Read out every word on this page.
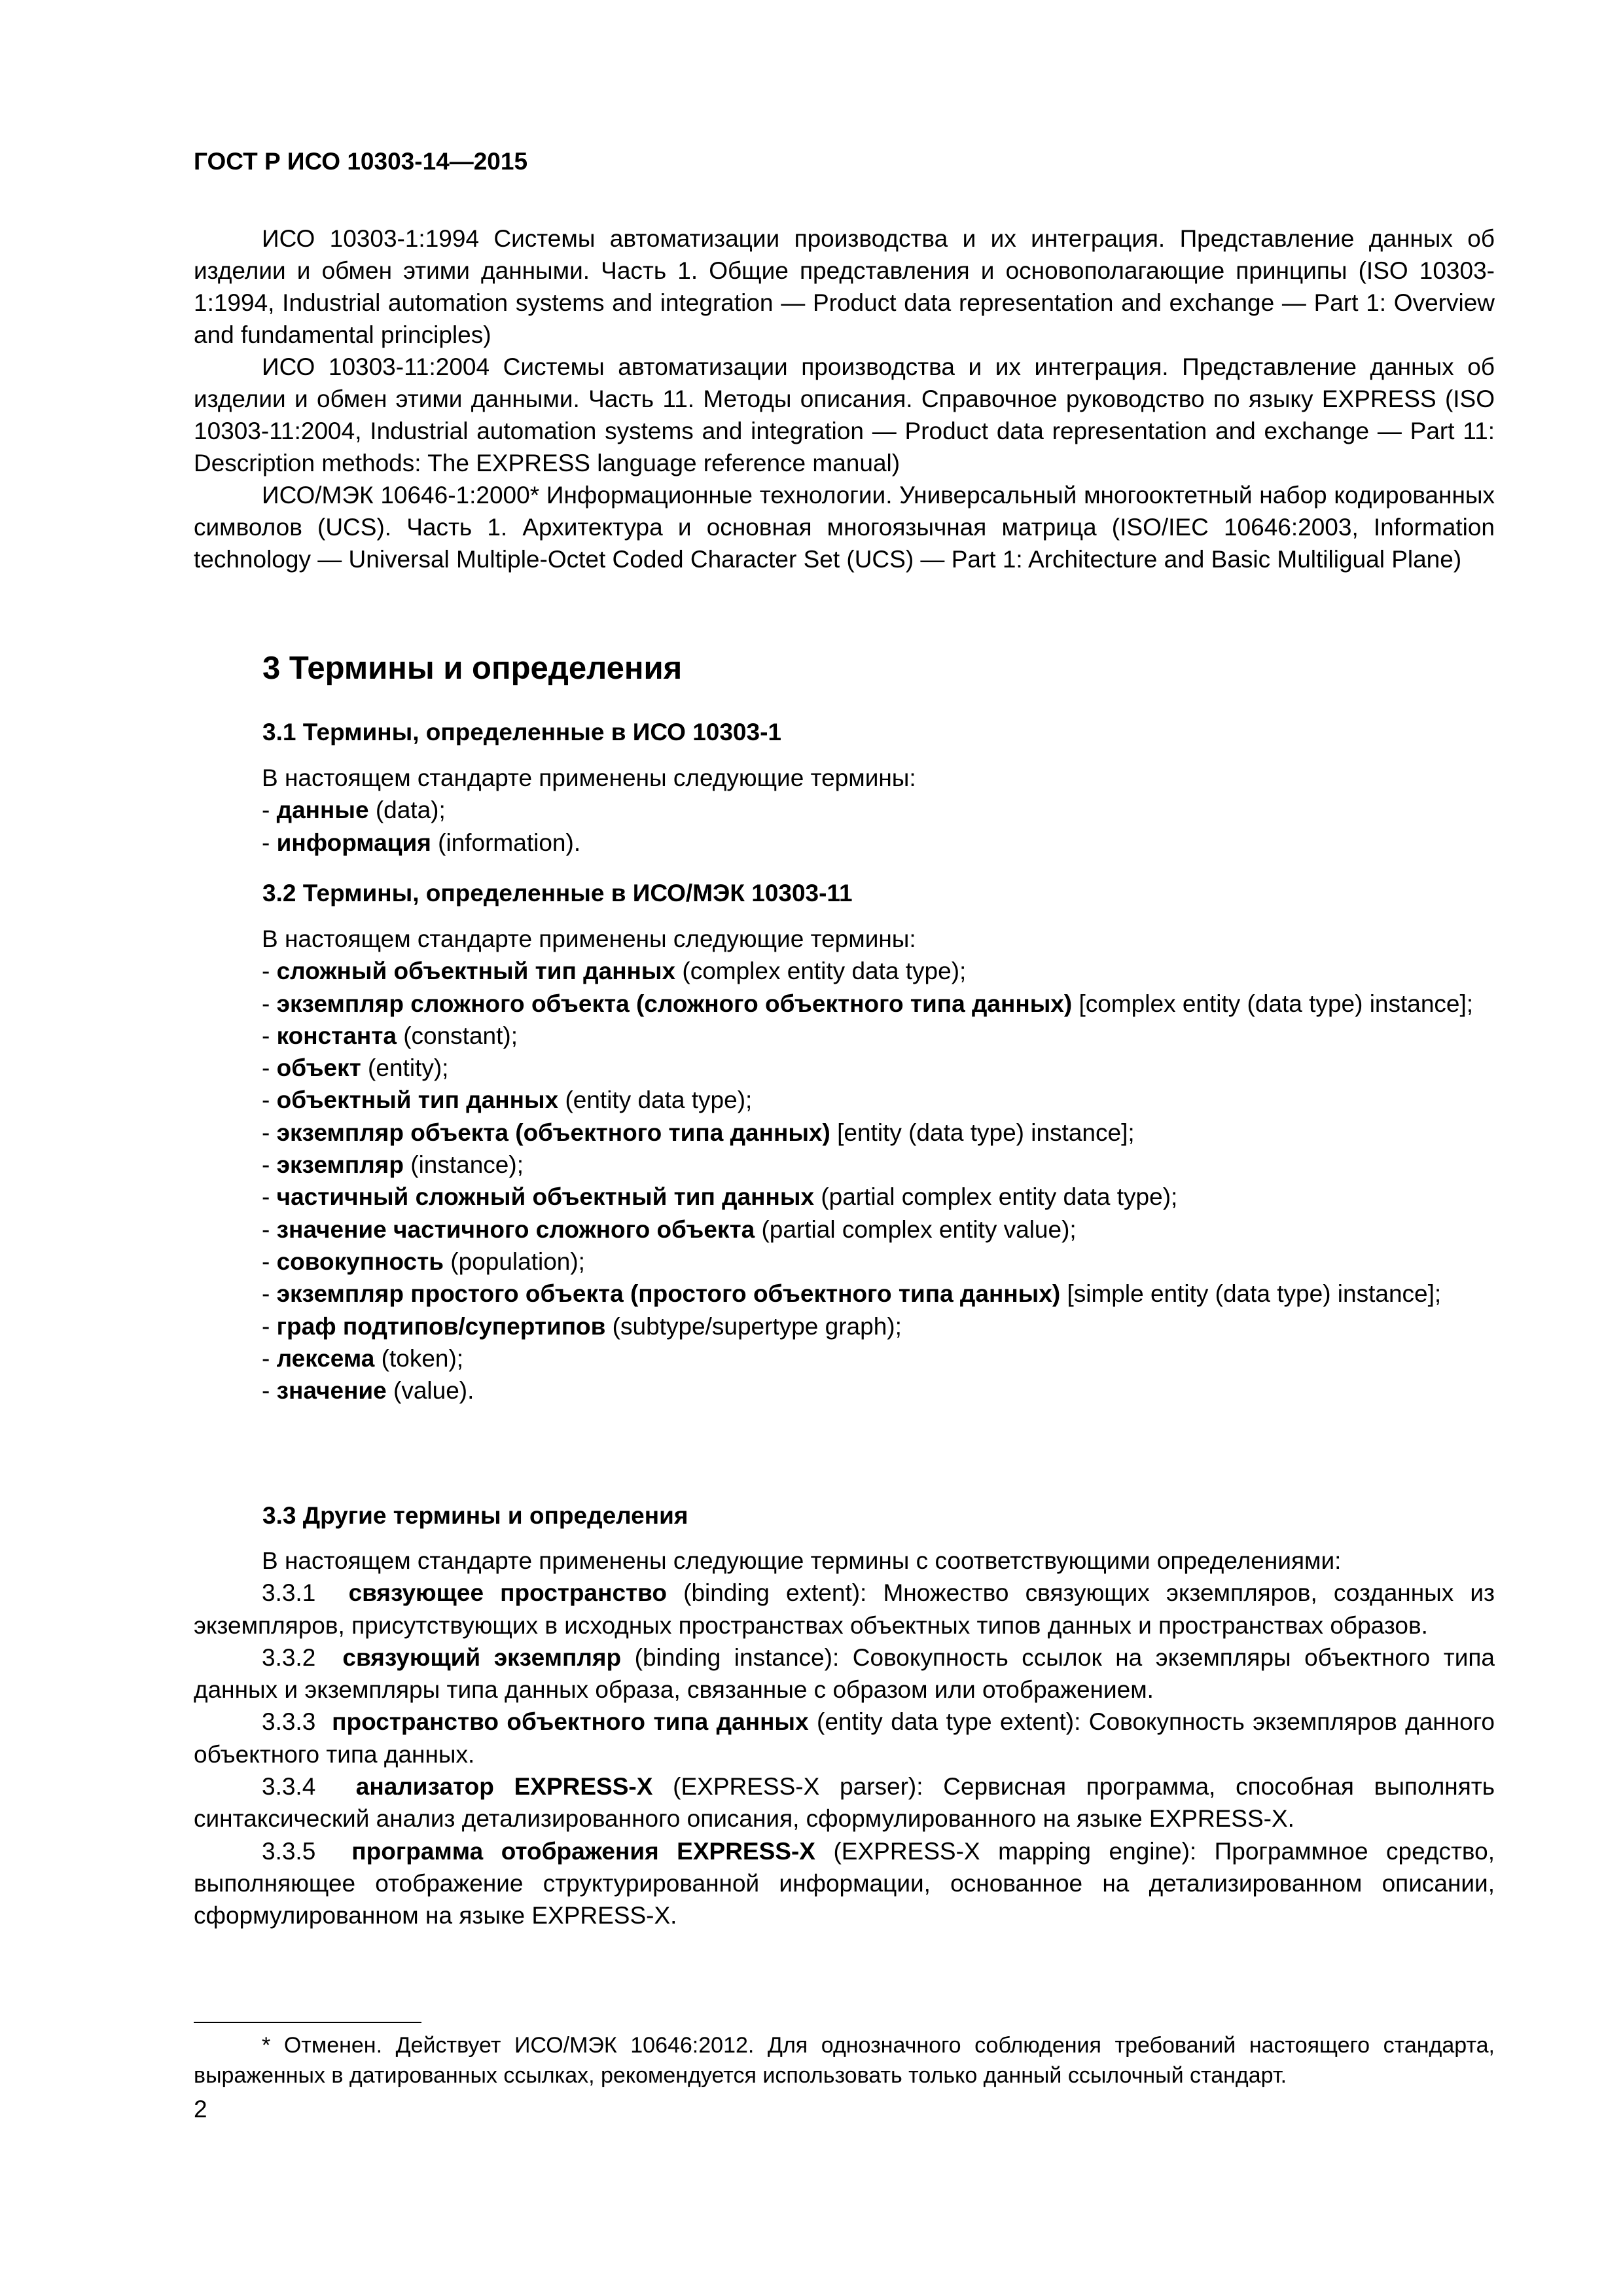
ГОСТ Р ИСО 10303-14—2015

ИСО 10303-1:1994 Системы автоматизации производства и их интеграция. Представление данных об изделии и обмен этими данными. Часть 1. Общие представления и основополагающие принципы (ISO 10303-1:1994, Industrial automation systems and integration — Product data representation and exchange — Part 1: Overview and fundamental principles)

ИСО 10303-11:2004 Системы автоматизации производства и их интеграция. Представление данных об изделии и обмен этими данными. Часть 11. Методы описания. Справочное руководство по языку EXPRESS (ISO 10303-11:2004, Industrial automation systems and integration — Product data representation and exchange — Part 11: Description methods: The EXPRESS language reference manual)

ИСО/МЭК 10646-1:2000* Информационные технологии. Универсальный многооктетный набор кодированных символов (UCS). Часть 1. Архитектура и основная многоязычная матрица (ISO/IEC 10646:2003, Information technology — Universal Multiple-Octet Coded Character Set (UCS) — Part 1: Architecture and Basic Multiligual Plane)

3 Термины и определения
3.1 Термины, определенные в ИСО 10303-1

В настоящем стандарте применены следующие термины:

- данные (data);

- информация (information).

3.2 Термины, определенные в ИСО/МЭК 10303-11

В настоящем стандарте применены следующие термины:

- сложный объектный тип данных (complex entity data type);

- экземпляр сложного объекта (сложного объектного типа данных) [complex entity (data type) instance];

- константа (constant);

- объект (entity);

- объектный тип данных (entity data type);

- экземпляр объекта (объектного типа данных) [entity (data type) instance];

- экземпляр (instance);

- частичный сложный объектный тип данных (partial complex entity data type);

- значение частичного сложного объекта (partial complex entity value);

- совокупность (population);

- экземпляр простого объекта (простого объектного типа данных) [simple entity (data type) instance];

- граф подтипов/супертипов (subtype/supertype graph);

- лексема (token);

- значение (value).

3.3 Другие термины и определения

В настоящем стандарте применены следующие термины с соответствующими определениями:

3.3.1 связующее пространство (binding extent): Множество связующих экземпляров, созданных из экземпляров, присутствующих в исходных пространствах объектных типов данных и пространствах образов.

3.3.2 связующий экземпляр (binding instance): Совокупность ссылок на экземпляры объектного типа данных и экземпляры типа данных образа, связанные с образом или отображением.

3.3.3 пространство объектного типа данных (entity data type extent): Совокупность экземпляров данного объектного типа данных.

3.3.4 анализатор EXPRESS-X (EXPRESS-X parser): Сервисная программа, способная выполнять синтаксический анализ детализированного описания, сформулированного на языке EXPRESS-X.

3.3.5 программа отображения EXPRESS-X (EXPRESS-X mapping engine): Программное средство, выполняющее отображение структурированной информации, основанное на детализированном описании, сформулированном на языке EXPRESS-X.

* Отменен. Действует ИСО/МЭК 10646:2012. Для однозначного соблюдения требований настоящего стандарта, выраженных в датированных ссылках, рекомендуется использовать только данный ссылочный стандарт.

2
